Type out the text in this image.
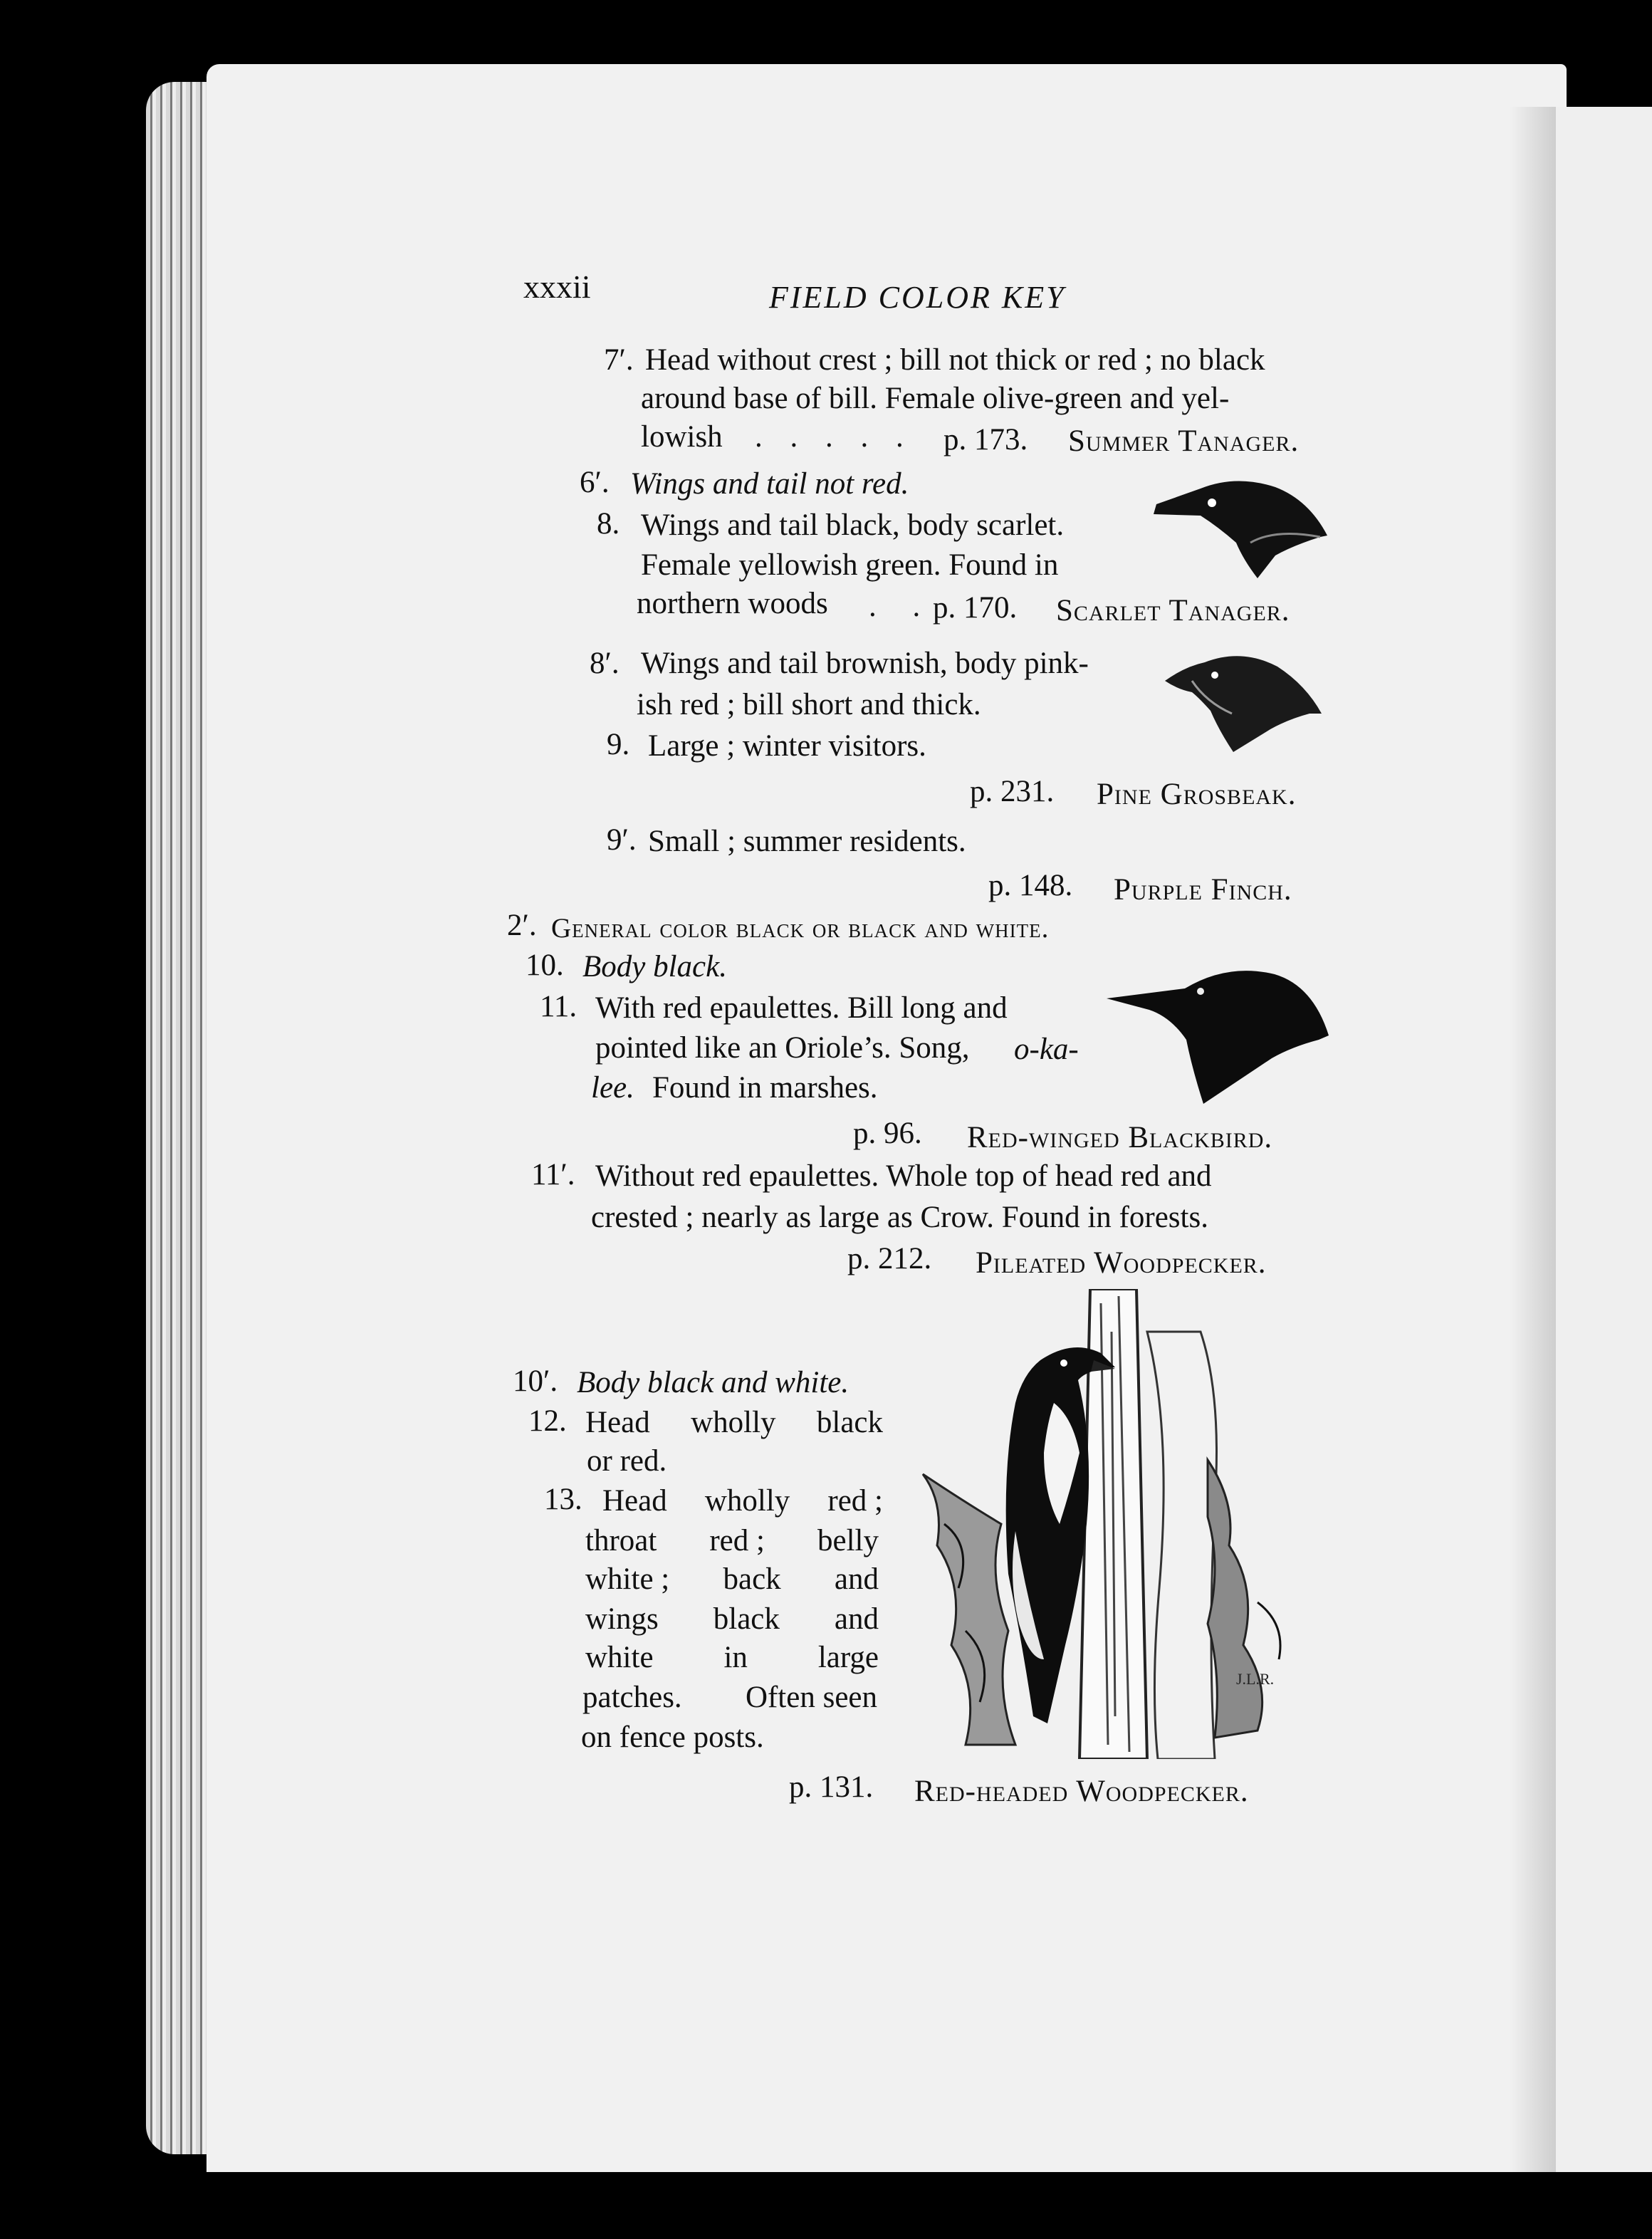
xxxii	FIELD COLOR KEY
7′. Head without crest ; bill not thick or red ; no black
around base of bill. Female olive-green and yel-
lowish . . . . . p. 173. Summer Tanager.
6′. Wings and tail not red.
8. Wings and tail black, body scarlet.
Female yellowish green. Found in
northern woods . .
p. 170. Scarlet Tanager.
8′. Wings and tail brownish, body pink-
ish red ; bill short and thick.
9. Large ; winter visitors.
p. 231. Pine Grosbeak.
9′. Small ; summer residents.
p. 148. Purple Finch.
2′. General color black or black and white.
10. Body black.
11. With red epaulettes. Bill long and
pointed like an Oriole’s. Song, o-ka-
lee. Found in marshes.
p. 96. Red-winged Blackbird.
11′. Without red epaulettes. Whole top of head red and
crested ; nearly as large as Crow. Found in forests.
p. 212. Pileated Woodpecker.
10′. Body black and white.
12. Head wholly black
or red.
13. Head wholly red ;
throat red ; belly
white ; back and
wings black and
white in large
patches. Often seen
on fence posts.
p. 131. Red-headed Woodpecker.
J.L.R.
